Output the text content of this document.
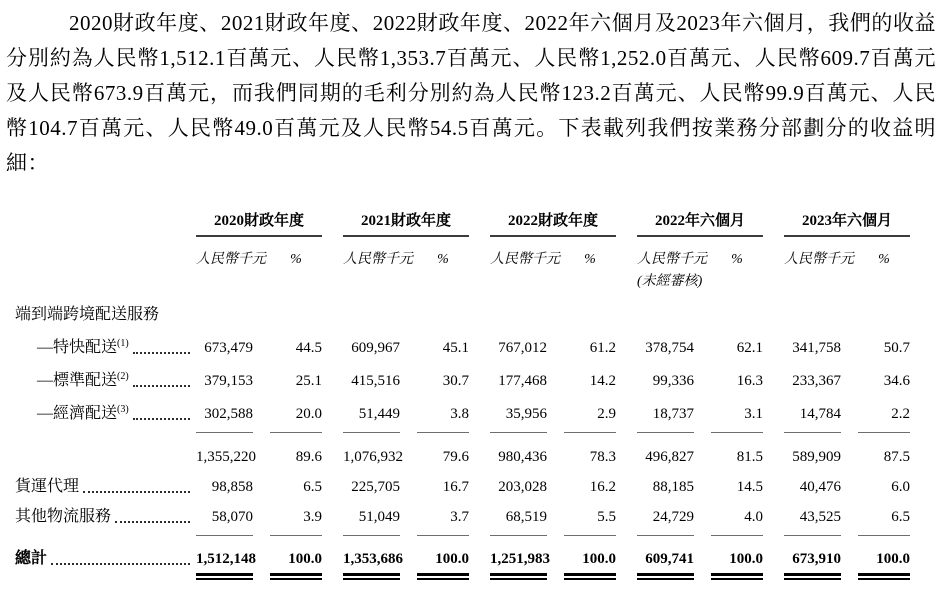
2020財政年度、2021財政年度、2022財政年度、2022年六個月及2023年六個月，我們的收益分別約為人民幣1,512.1百萬元、人民幣1,353.7百萬元、人民幣1,252.0百萬元、人民幣609.7百萬元及人民幣673.9百萬元，而我們同期的毛利分別約為人民幣123.2百萬元、人民幣99.9百萬元、人民幣104.7百萬元、人民幣49.0百萬元及人民幣54.5百萬元。下表載列我們按業務分部劃分的收益明細：

2020財政年度	2021財政年度	2022財政年度	2022年六個月	2023年六個月
人民幣千元	%	人民幣千元	%	人民幣千元	%	人民幣千元	%	人民幣千元	%
(未經審核)
端到端跨境配送服務
—特快配送$^{(1)}$	673,479	44.5	609,967	45.1	767,012	61.2	378,754	62.1	341,758	50.7
—標準配送$^{(2)}$	379,153	25.1	415,516	30.7	177,468	14.2	99,336	16.3	233,367	34.6
—經濟配送$^{(3)}$	302,588	20.0	51,449	3.8	35,956	2.9	18,737	3.1	14,784	2.2
1,355,220	89.6 1,076,932	79.6	980,436	78.3	496,827	81.5	589,909	87.5
貨運代理	98,858	6.5	225,705	16.7	203,028	16.2	88,185	14.5	40,476	6.0
其他物流服務	58,070	3.9	51,049	3.7	68,519	5.5	24,729	4.0	43,525	6.5
總計	1,512,148	100.0 1,353,686	100.0 1,251,983	100.0	609,741	100.0	673,910	100.0
